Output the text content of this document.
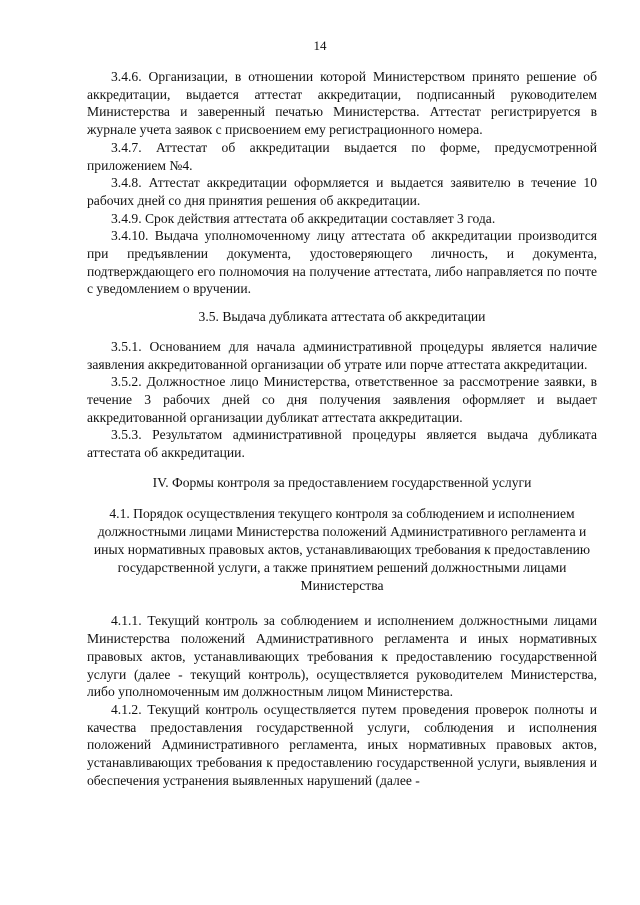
14

3.4.6. Организации, в отношении которой Министерством принято решение об аккредитации, выдается аттестат аккредитации, подписанный руководителем Министерства и заверенный печатью Министерства. Аттестат регистрируется в журнале учета заявок с присвоением ему регистрационного номера.

3.4.7. Аттестат об аккредитации выдается по форме, предусмотренной приложением №4.

3.4.8. Аттестат аккредитации оформляется и выдается заявителю в течение 10 рабочих дней со дня принятия решения об аккредитации.

3.4.9. Срок действия аттестата об аккредитации составляет 3 года.

3.4.10. Выдача уполномоченному лицу аттестата об аккредитации производится при предъявлении документа, удостоверяющего личность, и документа, подтверждающего его полномочия на получение аттестата, либо направляется по почте с уведомлением о вручении.

3.5. Выдача дубликата аттестата об аккредитации

3.5.1. Основанием для начала административной процедуры является наличие заявления аккредитованной организации об утрате или порче аттестата аккредитации.

3.5.2. Должностное лицо Министерства, ответственное за рассмотрение заявки, в течение 3 рабочих дней со дня получения заявления оформляет и выдает аккредитованной организации дубликат аттестата аккредитации.

3.5.3. Результатом административной процедуры является выдача дубликата аттестата об аккредитации.

IV. Формы контроля за предоставлением государственной услуги

4.1. Порядок осуществления текущего контроля за соблюдением и исполнением должностными лицами Министерства положений Административного регламента и иных нормативных правовых актов, устанавливающих требования к предоставлению государственной услуги, а также принятием решений должностными лицами Министерства

4.1.1. Текущий контроль за соблюдением и исполнением должностными лицами Министерства положений Административного регламента и иных нормативных правовых актов, устанавливающих требования к предоставлению государственной услуги (далее - текущий контроль), осуществляется руководителем Министерства, либо уполномоченным им должностным лицом Министерства.

4.1.2. Текущий контроль осуществляется путем проведения проверок полноты и качества предоставления государственной услуги, соблюдения и исполнения положений Административного регламента, иных нормативных правовых актов, устанавливающих требования к предоставлению государственной услуги, выявления и обеспечения устранения выявленных нарушений (далее -
